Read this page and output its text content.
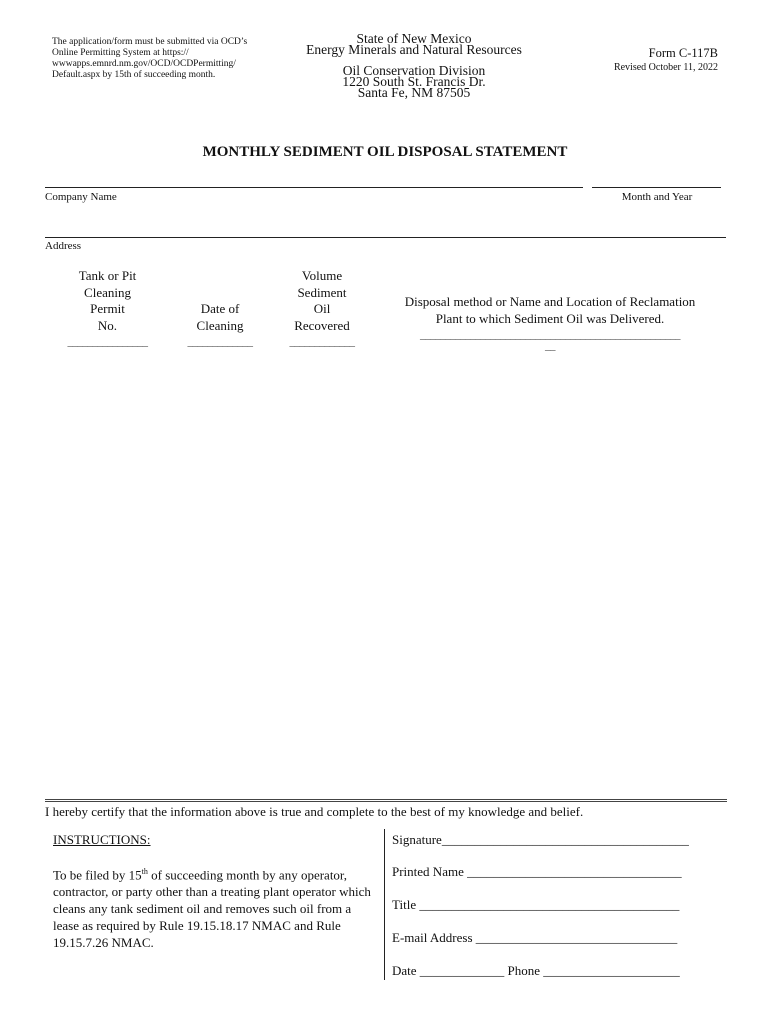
The application/form must be submitted via OCD’s
Online Permitting System at https://
wwwapps.emnrd.nm.gov/OCD/OCDPermitting/
Default.aspx by 15th of succeeding month.
State of New Mexico
Energy Minerals and Natural Resources
Oil Conservation Division
1220 South St. Francis Dr.
Santa Fe, NM 87505
Form C-117B
Revised October 11, 2022
MONTHLY SEDIMENT OIL DISPOSAL STATEMENT
Company Name	Month and Year
Address
Tank or Pit
Cleaning
Permit
No.
________________
Date of
Cleaning
_____________
Volume
Sediment
Oil
Recovered
_____________
Disposal method or Name and Location of Reclamation
Plant to which Sediment Oil was Delivered.
____________________________________________________
__
I hereby certify that the information above is true and complete to the best of my knowledge and belief.
INSTRUCTIONS:
To be filed by 15th of succeeding month by any operator, contractor, or party other than a treating plant operator which cleans any tank sediment oil and removes such oil from a lease as required by Rule 19.15.18.17 NMAC and Rule 19.15.7.26 NMAC.
Signature______________________________________
Printed Name _________________________________
Title ________________________________________
E-mail Address _______________________________
Date _____________ Phone _____________________
